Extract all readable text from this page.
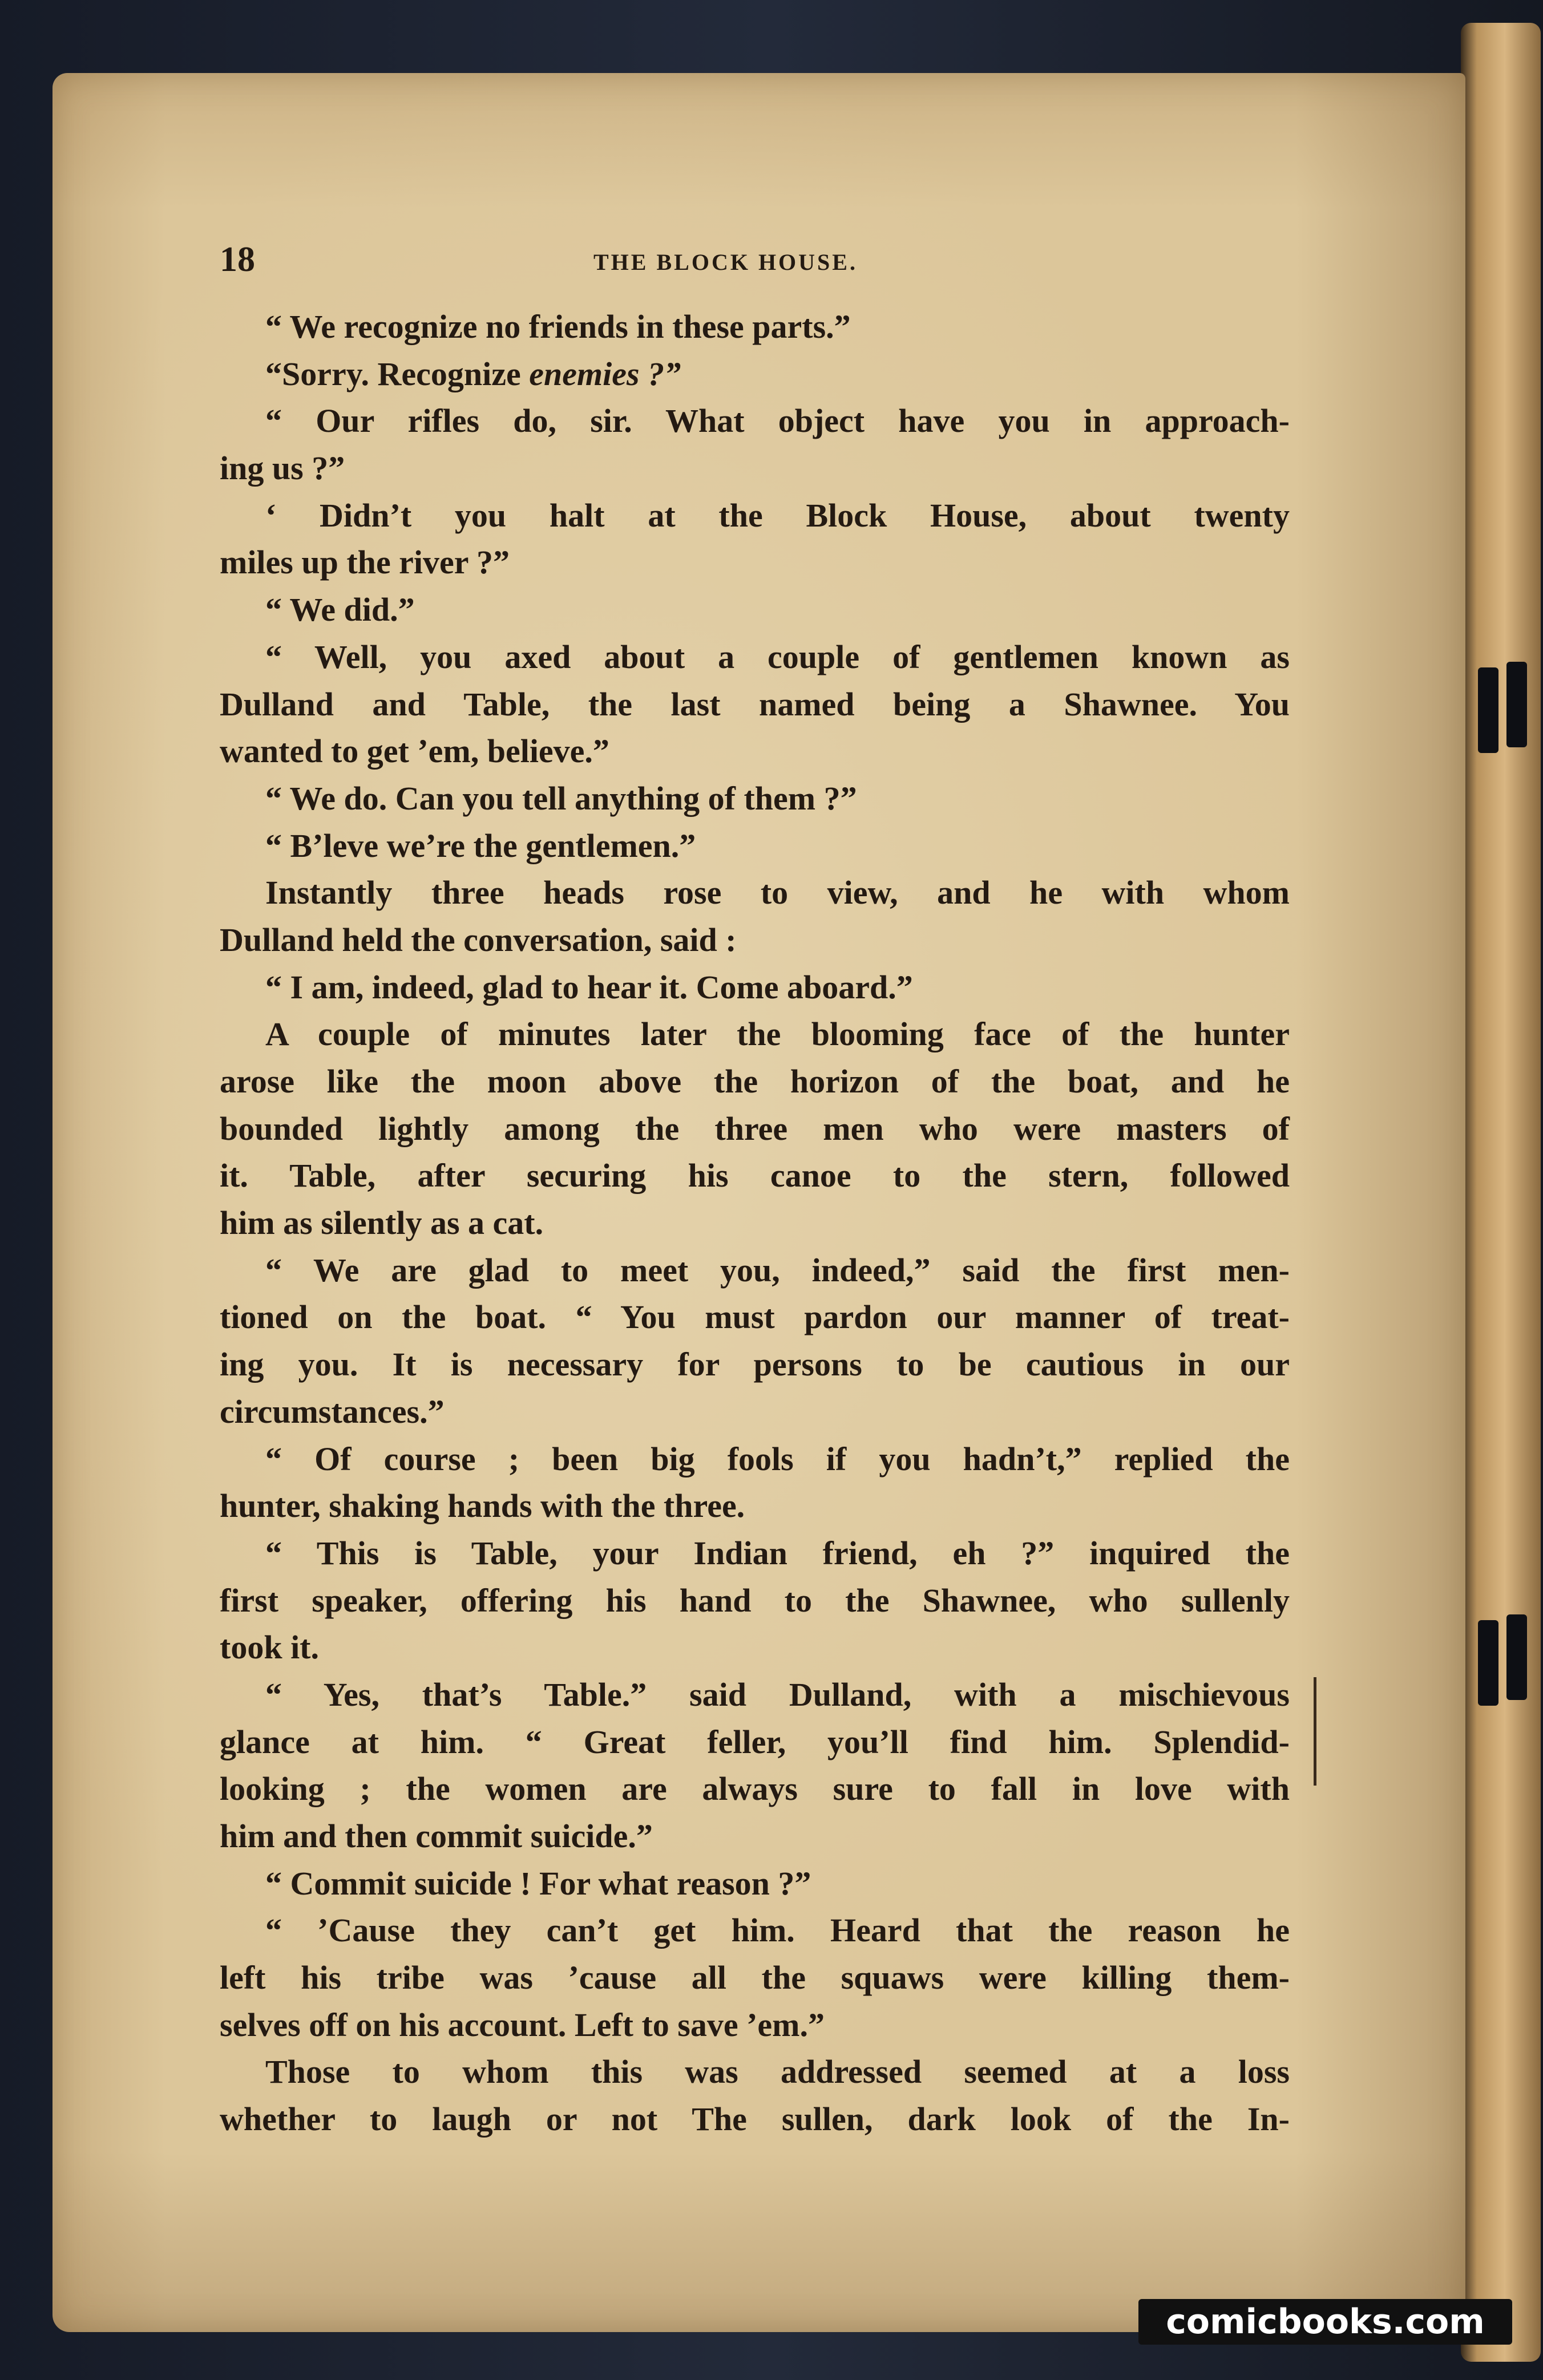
18	THE BLOCK HOUSE.
“ We recognize no friends in these parts.”
“Sorry. Recognize enemies ?”
“ Our rifles do, sir. What object have you in approach-
ing us ?”
‘ Didn’t you halt at the Block House, about twenty
miles up the river ?”
“ We did.”
“ Well, you axed about a couple of gentlemen known as
Dulland and Table, the last named being a Shawnee. You
wanted to get ’em, believe.”
“ We do. Can you tell anything of them ?”
“ B’leve we’re the gentlemen.”
Instantly three heads rose to view, and he with whom
Dulland held the conversation, said :
“ I am, indeed, glad to hear it. Come aboard.”
A couple of minutes later the blooming face of the hunter
arose like the moon above the horizon of the boat, and he
bounded lightly among the three men who were masters of
it. Table, after securing his canoe to the stern, followed
him as silently as a cat.
“ We are glad to meet you, indeed,” said the first men-
tioned on the boat. “ You must pardon our manner of treat-
ing you. It is necessary for persons to be cautious in our
circumstances.”
“ Of course ; been big fools if you hadn’t,” replied the
hunter, shaking hands with the three.
“ This is Table, your Indian friend, eh ?” inquired the
first speaker, offering his hand to the Shawnee, who sullenly
took it.
“ Yes, that’s Table.” said Dulland, with a mischievous
glance at him. “ Great feller, you’ll find him. Splendid-
looking ; the women are always sure to fall in love with
him and then commit suicide.”
“ Commit suicide ! For what reason ?”
“ ’Cause they can’t get him. Heard that the reason he
left his tribe was ’cause all the squaws were killing them-
selves off on his account. Left to save ’em.”
Those to whom this was addressed seemed at a loss
whether to laugh or not The sullen, dark look of the In-
comicbooks.com
